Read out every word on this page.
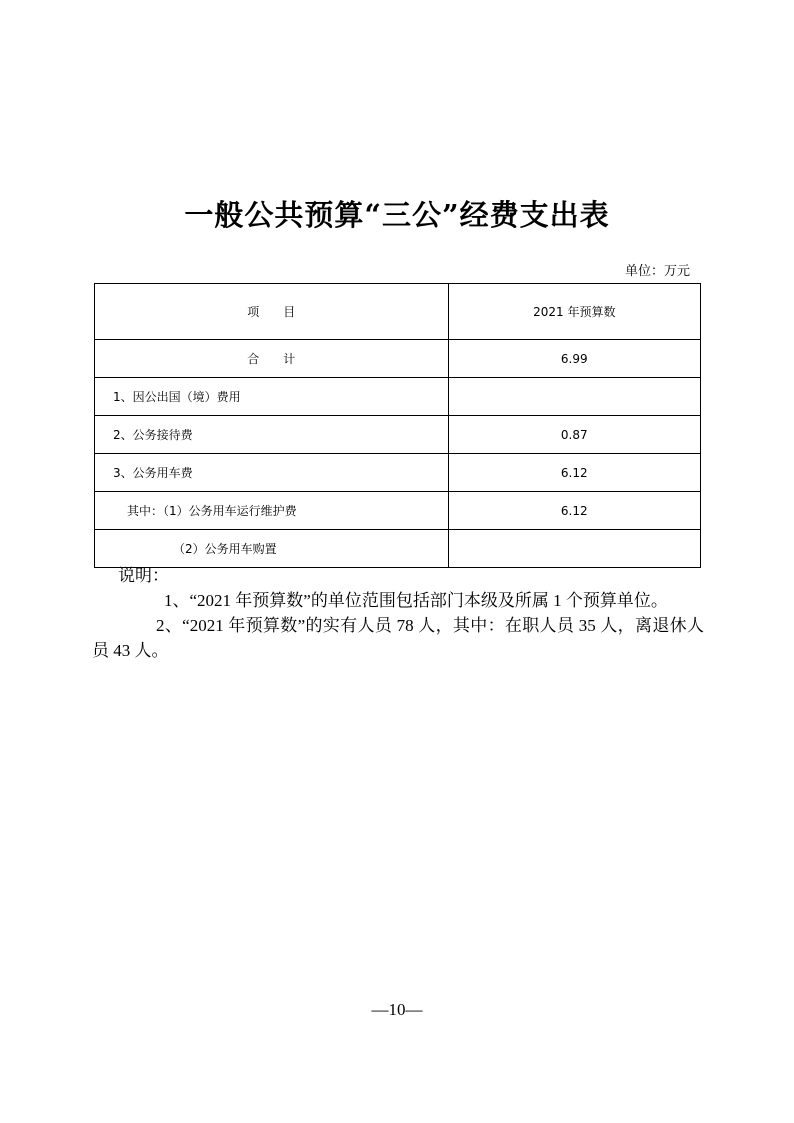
一般公共预算“三公”经费支出表
单位：万元
项　　目	2021 年预算数
合　　计	6.99
1、因公出国（境）费用	
2、公务接待费	0.87
3、公务用车费	6.12
其中：（1）公务用车运行维护费	6.12
（2）公务用车购置	

说明：

1、“2021 年预算数”的单位范围包括部门本级及所属 1 个预算单位。

2、“2021 年预算数”的实有人员 78 人，其中：在职人员 35 人，离退休人员 43 人。

—10—
